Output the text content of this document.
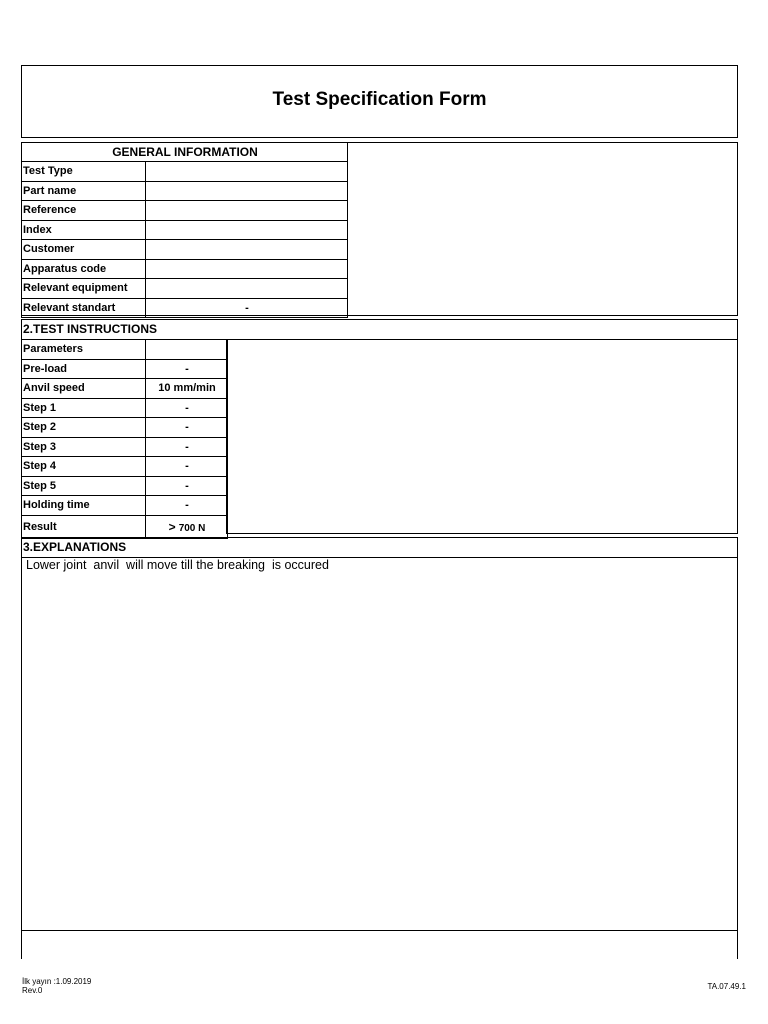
Test Specification Form
GENERAL INFORMATION	
Test Type	
Part name	
Reference	
Index	
Customer	
Apparatus code	
Relevant equipment	
Relevant standart	-
2.TEST INSTRUCTIONS
Parameters	
Pre-load	-
Anvil speed	10 mm/min
Step 1	-
Step 2	-
Step 3	-
Step 4	-
Step 5	-
Holding time	-
Result	> 700 N
3.EXPLANATIONS
Lower joint  anvil  will move till the breaking  is occured
İlk yayın :1.09.2019
Rev.0	TA.07.49.1
